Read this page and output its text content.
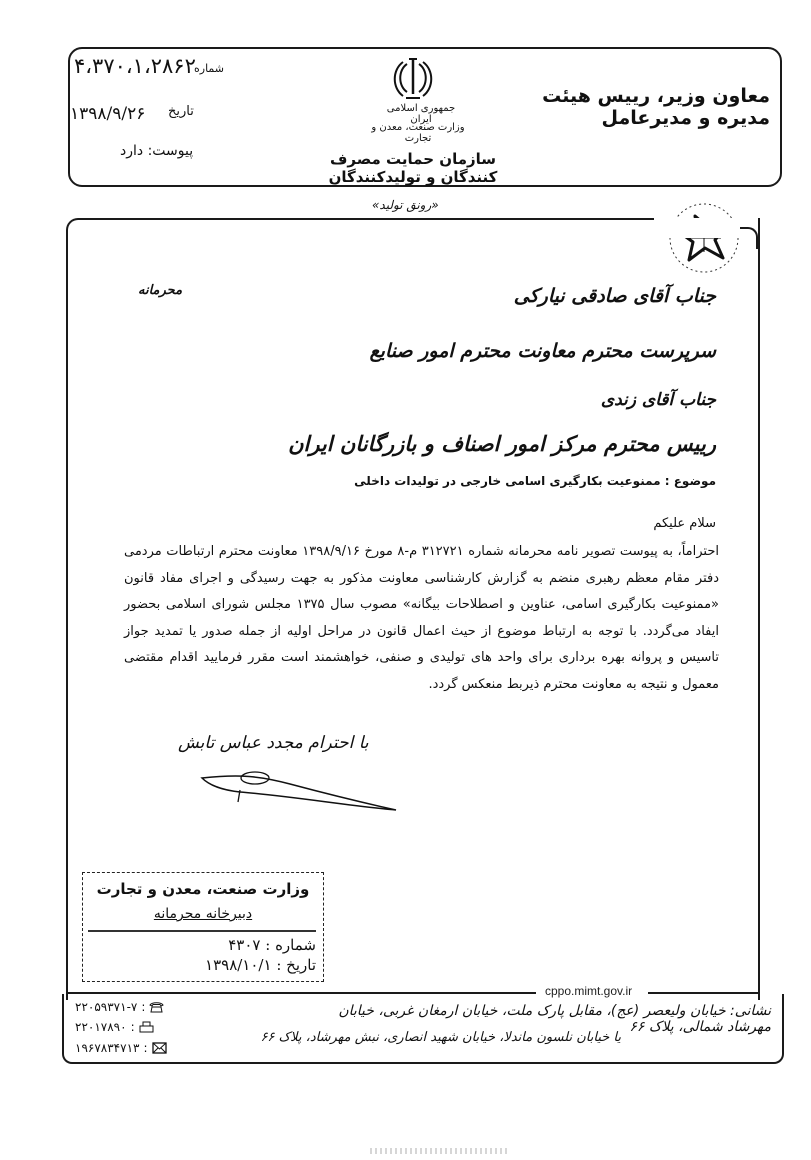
۴،۳۷۰،۱،۲۸۶۲
شماره
۱۳۹۸/۹/۲۶ تاریخ
پیوست: دارد
جمهوری اسلامی ایران
وزارت صنعت، معدن و تجارت
سازمان حمایت مصرف کنندگان و تولیدکنندگان
معاون وزیر، رییس هیئت مدیره و مدیرعامل
«رونق تولید»
محرمانه	جناب آقای صادقی نیارکی
سرپرست محترم معاونت محترم امور صنایع
جناب آقای زندی
رییس محترم مرکز امور اصناف و بازرگانان ایران
موضوع : ممنوعیت بکارگیری اسامی خارجی در تولیدات داخلی
سلام علیکم
احتراماً، به پیوست تصویر نامه محرمانه شماره ۳۱۲۷۲۱ م-۸ مورخ ۱۳۹۸/۹/۱۶ معاونت محترم ارتباطات مردمی دفتر مقام معظم رهبری منضم به گزارش کارشناسی معاونت مذکور به جهت رسیدگی و اجرای مفاد قانون «ممنوعیت بکارگیری اسامی، عناوین و اصطلاحات بیگانه» مصوب سال ۱۳۷۵ مجلس شورای اسلامی بحضور ایفاد می‌گردد. با توجه به ارتباط موضوع از حیث اعمال قانون در مراحل اولیه از جمله صدور یا تمدید جواز تاسیس و پروانه بهره برداری برای واحد های تولیدی و صنفی، خواهشمند است مقرر فرمایید اقدام مقتضی معمول و نتیجه به معاونت محترم ذیربط منعکس گردد.
با احترام مجدد عباس تابش
وزارت صنعت، معدن و تجارت
دبیرخانه محرمانه
شماره : ۴۳۰۷
تاریخ : ۱۳۹۸/۱۰/۱
cppo.mimt.gov.ir
۲۲۰۵۹۳۷۱-۷ :
۲۲۰۱۷۸۹۰ :
۱۹۶۷۸۳۴۷۱۳ :
نشانی: خیابان ولیعصر (عج)، مقابل پارک ملت، خیابان ارمغان غربی، خیابان مهرشاد شمالی، پلاک ۶۶
یا خیابان نلسون ماندلا، خیابان شهید انصاری، نبش مهرشاد، پلاک ۶۶
